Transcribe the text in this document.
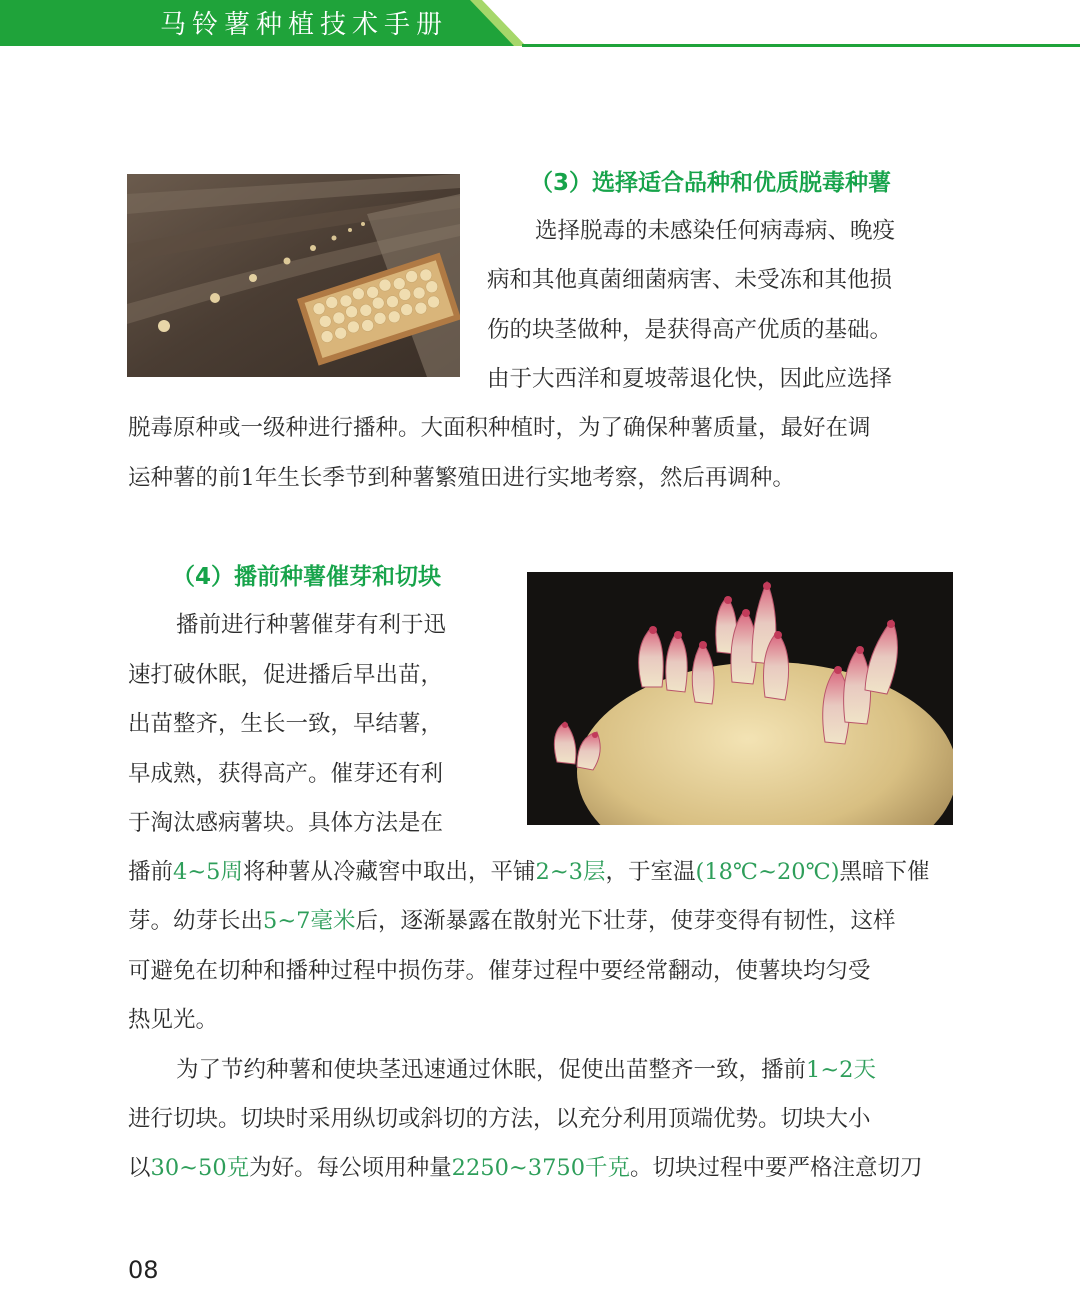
马铃薯种植技术手册
（3）选择适合品种和优质脱毒种薯
选择脱毒的未感染任何病毒病、晚疫
病和其他真菌细菌病害、未受冻和其他损
伤的块茎做种，是获得高产优质的基础。
由于大西洋和夏坡蒂退化快，因此应选择
脱毒原种或一级种进行播种。大面积种植时，为了确保种薯质量，最好在调
运种薯的前1年生长季节到种薯繁殖田进行实地考察，然后再调种。
（4）播前种薯催芽和切块
播前进行种薯催芽有利于迅
速打破休眠，促进播后早出苗，
出苗整齐，生长一致，早结薯，
早成熟，获得高产。催芽还有利
于淘汰感病薯块。具体方法是在
播前4~5周将种薯从冷藏窖中取出，平铺2~3层，于室温(18℃~20℃)黑暗下催
芽。幼芽长出5~7毫米后，逐渐暴露在散射光下壮芽，使芽变得有韧性，这样
可避免在切种和播种过程中损伤芽。催芽过程中要经常翻动，使薯块均匀受
热见光。
为了节约种薯和使块茎迅速通过休眠，促使出苗整齐一致，播前1~2天
进行切块。切块时采用纵切或斜切的方法，以充分利用顶端优势。切块大小
以30~50克为好。每公顷用种量2250~3750千克。切块过程中要严格注意切刀
08
